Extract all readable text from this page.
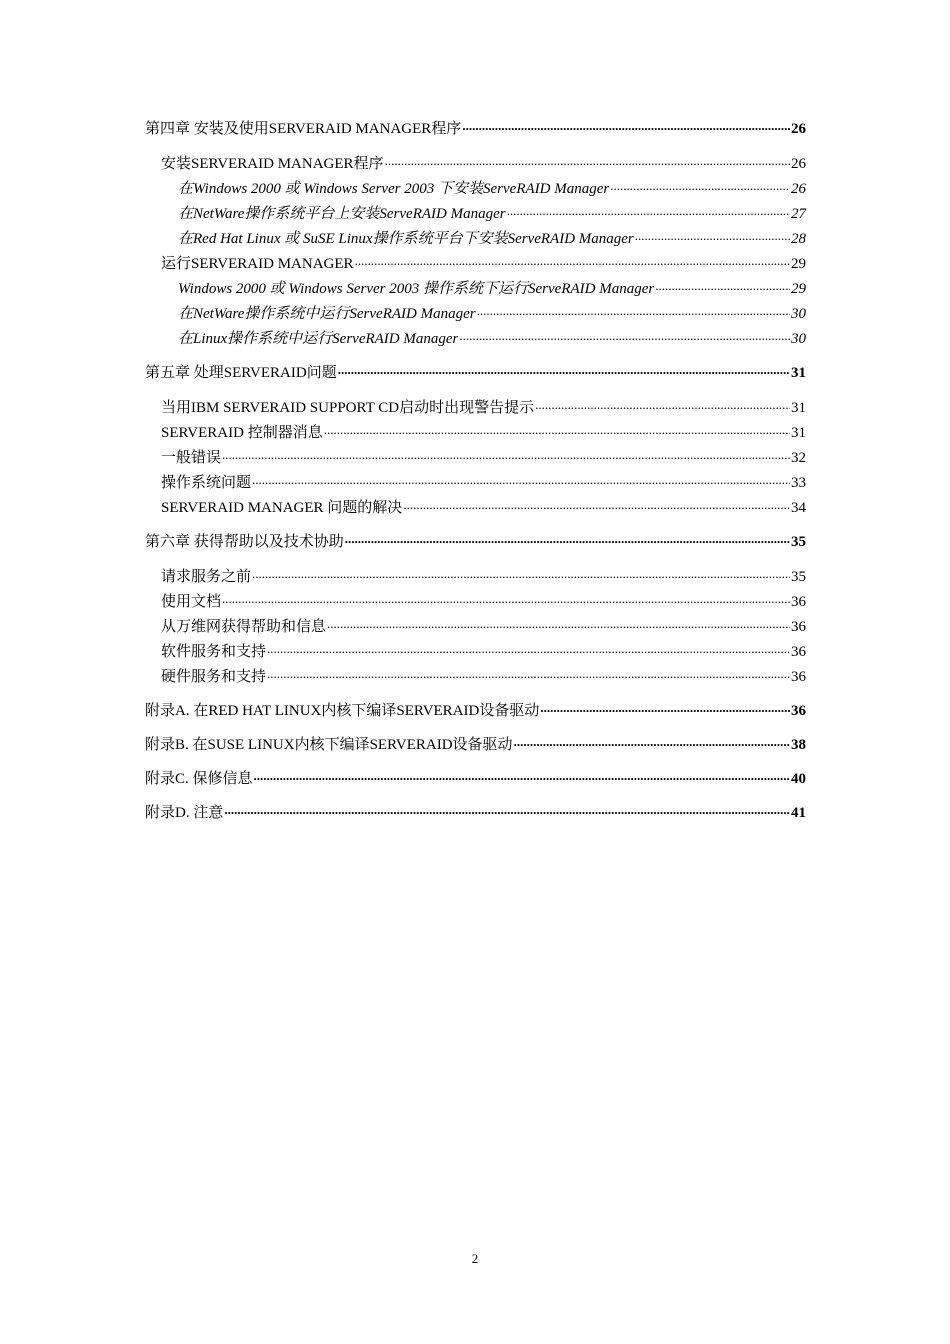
第四章 安装及使用SERVERAID MANAGER程序 .....	26
安装SERVERAID MANAGER程序 .....	26
在Windows 2000 或 Windows Server 2003 下安装ServeRAID Manager .....	26
在NetWare操作系统平台上安装ServeRAID Manager .....	27
在Red Hat Linux 或 SuSE Linux操作系统平台下安装ServeRAID Manager .....	28
运行SERVERAID MANAGER .....	29
Windows 2000 或 Windows Server 2003 操作系统下运行ServeRAID Manager .....	29
在NetWare操作系统中运行ServeRAID Manager .....	30
在Linux操作系统中运行ServeRAID Manager .....	30
第五章 处理SERVERAID问题 .....	31
当用IBM SERVERAID SUPPORT CD启动时出现警告提示 .....	31
SERVERAID 控制器消息 .....	31
一般错误 .....	32
操作系统问题 .....	33
SERVERAID MANAGER 问题的解决 .....	34
第六章 获得帮助以及技术协助 .....	35
请求服务之前 .....	35
使用文档 .....	36
从万维网获得帮助和信息 .....	36
软件服务和支持 .....	36
硬件服务和支持 .....	36
附录A. 在RED HAT LINUX内核下编译SERVERAID设备驱动 .....	36
附录B. 在SUSE LINUX内核下编译SERVERAID设备驱动 .....	38
附录C. 保修信息 .....	40
附录D. 注意 .....	41
2
